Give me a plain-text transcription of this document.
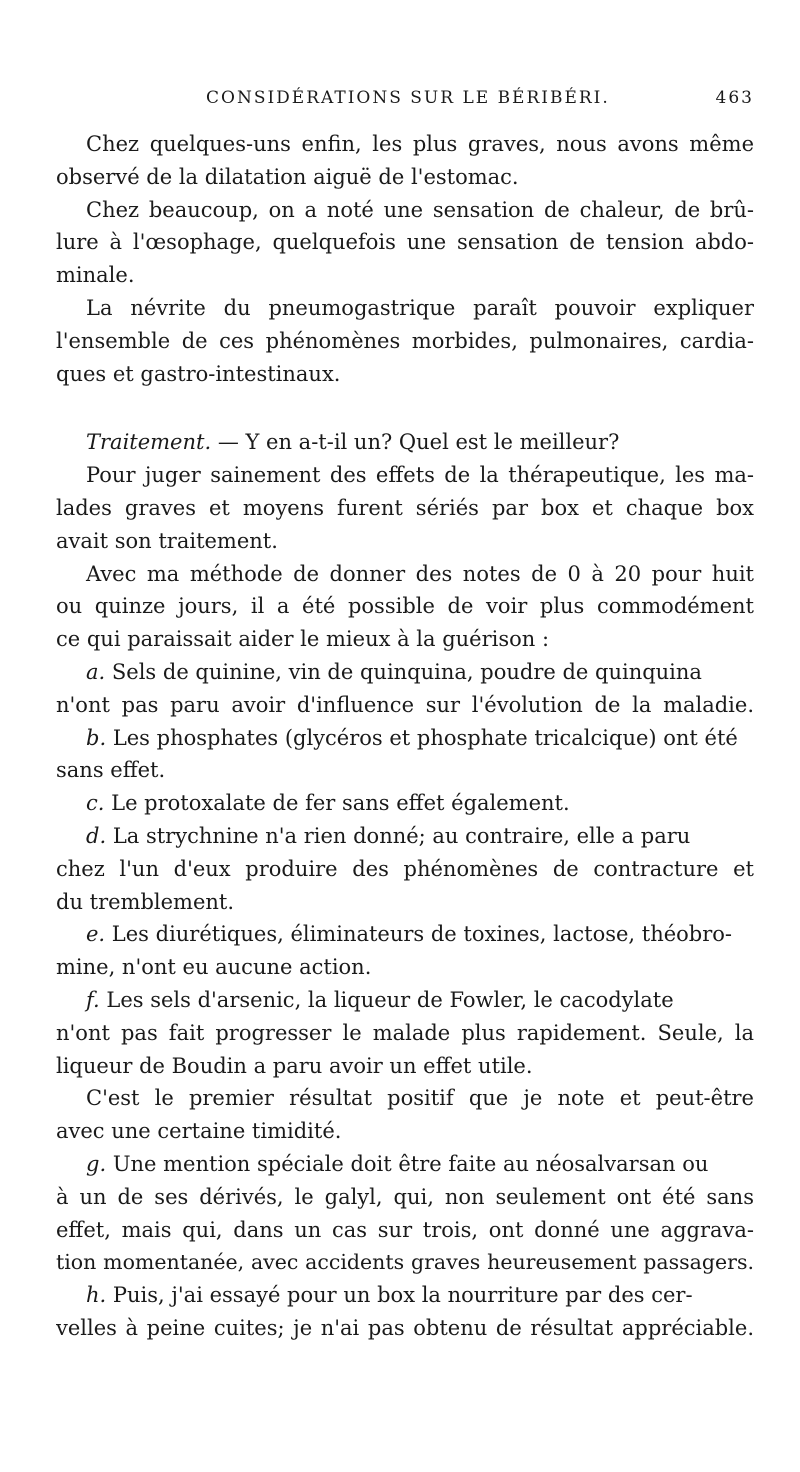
CONSIDÉRATIONS SUR LE BÉRIBÉRI.	463
Chez quelques-uns enfin, les plus graves, nous avons même
observé de la dilatation aiguë de l'estomac.
Chez beaucoup, on a noté une sensation de chaleur, de brû-
lure à l'œsophage, quelquefois une sensation de tension abdo-
minale.
La névrite du pneumogastrique paraît pouvoir expliquer
l'ensemble de ces phénomènes morbides, pulmonaires, cardia-
ques et gastro-intestinaux.
Traitement. — Y en a-t-il un? Quel est le meilleur?
Pour juger sainement des effets de la thérapeutique, les ma-
lades graves et moyens furent sériés par box et chaque box
avait son traitement.
Avec ma méthode de donner des notes de 0 à 20 pour huit
ou quinze jours, il a été possible de voir plus commodément
ce qui paraissait aider le mieux à la guérison :
a. Sels de quinine, vin de quinquina, poudre de quinquina
n'ont pas paru avoir d'influence sur l'évolution de la maladie.
b. Les phosphates (glycéros et phosphate tricalcique) ont été
sans effet.
c. Le protoxalate de fer sans effet également.
d. La strychnine n'a rien donné; au contraire, elle a paru
chez l'un d'eux produire des phénomènes de contracture et
du tremblement.
e. Les diurétiques, éliminateurs de toxines, lactose, théobro-
mine, n'ont eu aucune action.
f. Les sels d'arsenic, la liqueur de Fowler, le cacodylate
n'ont pas fait progresser le malade plus rapidement. Seule, la
liqueur de Boudin a paru avoir un effet utile.
C'est le premier résultat positif que je note et peut-être
avec une certaine timidité.
g. Une mention spéciale doit être faite au néosalvarsan ou
à un de ses dérivés, le galyl, qui, non seulement ont été sans
effet, mais qui, dans un cas sur trois, ont donné une aggrava-
tion momentanée, avec accidents graves heureusement passagers.
h. Puis, j'ai essayé pour un box la nourriture par des cer-
velles à peine cuites; je n'ai pas obtenu de résultat appréciable.
